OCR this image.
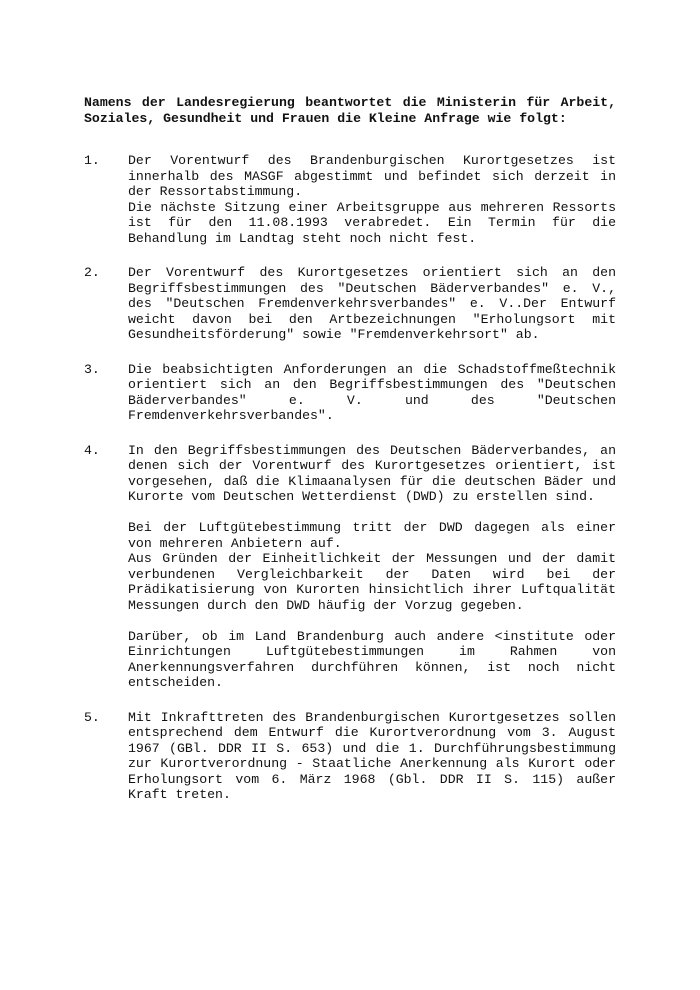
Namens der Landesregierung beantwortet die Ministerin für Arbeit, Soziales, Gesundheit und Frauen die Kleine Anfrage wie folgt:

1.	Der Vorentwurf des Brandenburgischen Kurortgesetzes ist innerhalb des MASGF abgestimmt und befindet sich derzeit in der Ressortabstimmung.

Die nächste Sitzung einer Arbeitsgruppe aus mehreren Ressorts ist für den 11.08.1993 verabredet. Ein Termin für die Behandlung im Landtag steht noch nicht fest.

2.	Der Vorentwurf des Kurortgesetzes orientiert sich an den Begriffsbestimmungen des "Deutschen Bäderverbandes" e. V., des "Deutschen Fremdenverkehrsverbandes" e. V..Der Entwurf weicht davon bei den Artbezeichnungen "Erholungsort mit Gesundheitsförderung" sowie "Fremdenverkehrsort" ab.

3.	Die beabsichtigten Anforderungen an die Schadstoffmeßtechnik orientiert sich an den Begriffsbestimmungen des "Deutschen Bäderverbandes" e. V. und des "Deutschen Fremdenverkehrsverbandes".

4.	In den Begriffsbestimmungen des Deutschen Bäderverbandes, an denen sich der Vorentwurf des Kurortgesetzes orientiert, ist vorgesehen, daß die Klimaanalysen für die deutschen Bäder und Kurorte vom Deutschen Wetterdienst (DWD) zu erstellen sind.

Bei der Luftgütebestimmung tritt der DWD dagegen als einer von mehreren Anbietern auf.

Aus Gründen der Einheitlichkeit der Messungen und der damit verbundenen Vergleichbarkeit der Daten wird bei der Prädikatisierung von Kurorten hinsichtlich ihrer Luftqualität Messungen durch den DWD häufig der Vorzug gegeben.

Darüber, ob im Land Brandenburg auch andere <institute oder Einrichtungen Luftgütebestimmungen im Rahmen von Anerkennungsverfahren durchführen können, ist noch nicht entscheiden.

5.	Mit Inkrafttreten des Brandenburgischen Kurortgesetzes sollen entsprechend dem Entwurf die Kurortverordnung vom 3. August 1967 (GBl. DDR II S. 653) und die 1. Durchführungsbestimmung zur Kurortverordnung - Staatliche Anerkennung als Kurort oder Erholungsort vom 6. März 1968 (Gbl. DDR II S. 115) außer Kraft treten.
